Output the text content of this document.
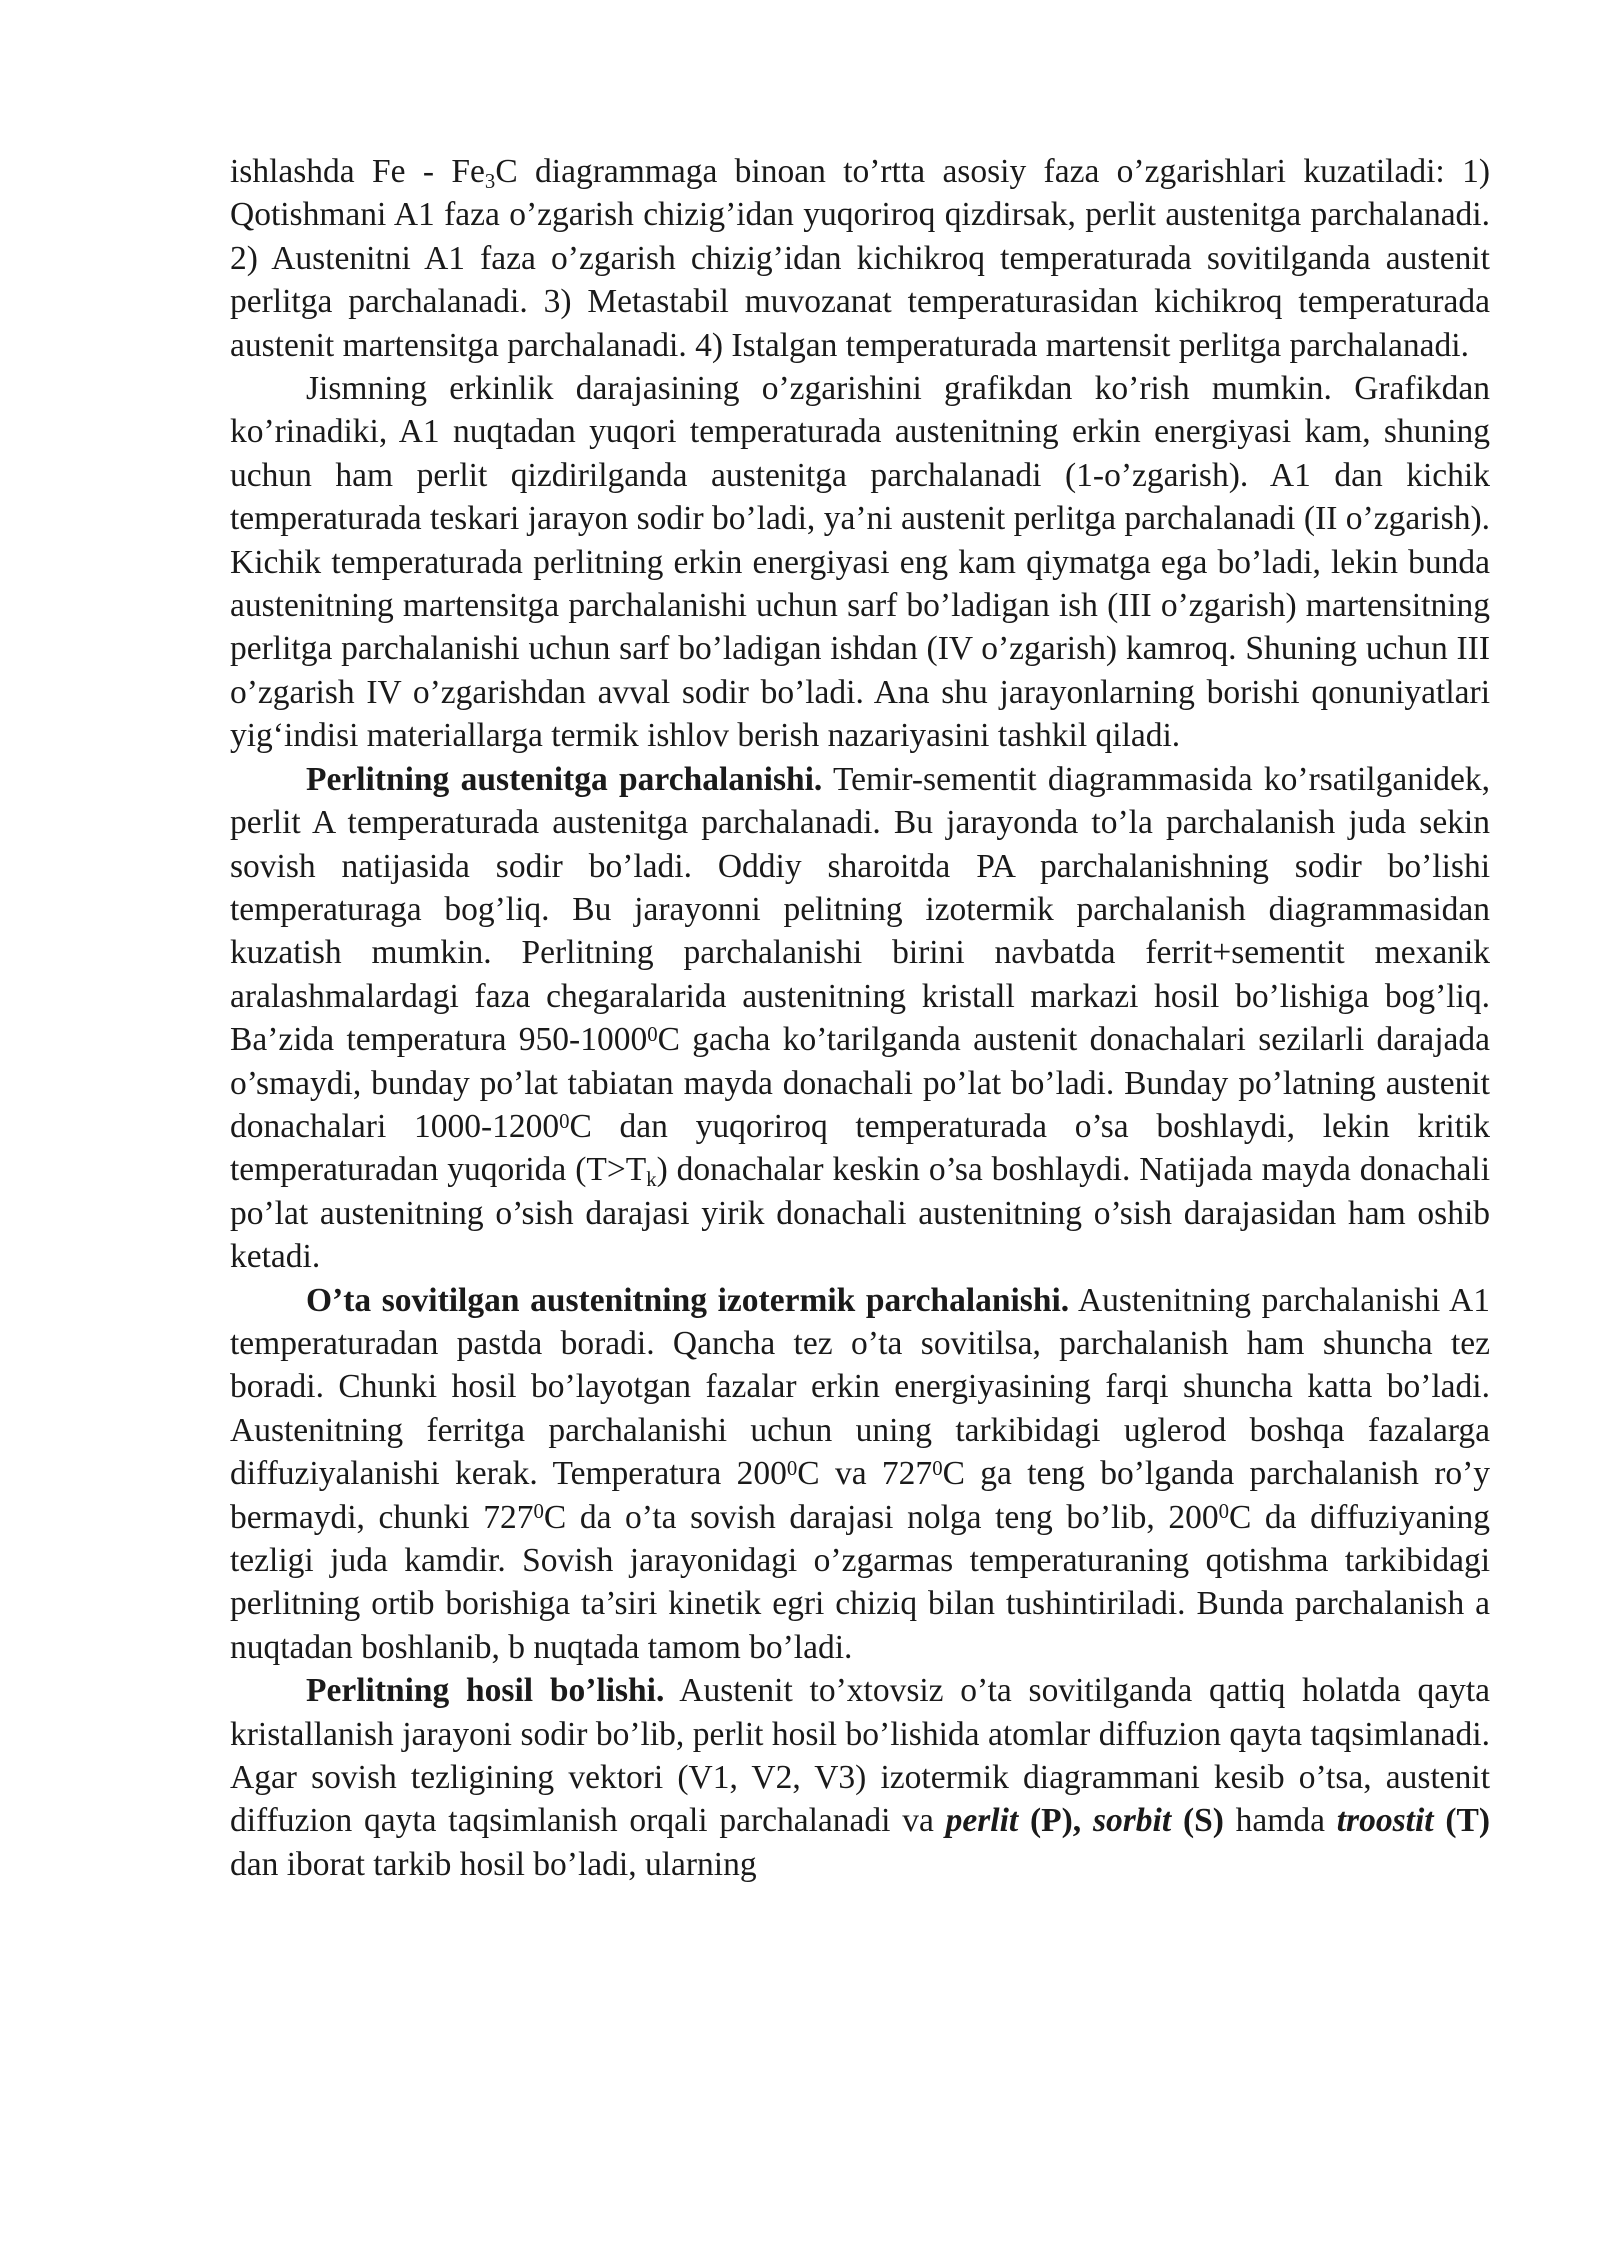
ishlashda Fe - $Fe_3C$ diagrammaga binoan to’rtta asosiy faza o’zgarishlari kuzatiladi: 1) Qotishmani A1 faza o’zgarish chizig’idan yuqoriroq qizdirsak, perlit austenitga parchalanadi. 2) Austenitni A1 faza o’zgarish chizig’idan kichikroq temperaturada sovitilganda austenit perlitga parchalanadi. 3) Metastabil muvozanat temperaturasidan kichikroq temperaturada austenit martensitga parchalanadi. 4) Istalgan temperaturada martensit perlitga parchalanadi.

Jismning erkinlik darajasining o’zgarishini grafikdan ko’rish mumkin. Grafikdan ko’rinadiki, A1 nuqtadan yuqori temperaturada austenitning erkin energiyasi kam, shuning uchun ham perlit qizdirilganda austenitga parchalanadi (1-o’zgarish). A1 dan kichik temperaturada teskari jarayon sodir bo’ladi, ya’ni austenit perlitga parchalanadi (II o’zgarish). Kichik temperaturada perlitning erkin energiyasi eng kam qiymatga ega bo’ladi, lekin bunda austenitning martensitga parchalanishi uchun sarf bo’ladigan ish (III o’zgarish) martensitning perlitga parchalanishi uchun sarf bo’ladigan ishdan (IV o’zgarish) kamroq. Shuning uchun III o’zgarish IV o’zgarishdan avval sodir bo’ladi. Ana shu jarayonlarning borishi qonuniyatlari yig‘indisi materiallarga termik ishlov berish nazariyasini tashkil qiladi.

Perlitning austenitga parchalanishi. Temir-sementit diagrammasida ko’rsatilganidek, perlit A temperaturada austenitga parchalanadi. Bu jarayonda to’la parchalanish juda sekin sovish natijasida sodir bo’ladi. Oddiy sharoitda PA parchalanishning sodir bo’lishi temperaturaga bog’liq. Bu jarayonni pelitning izotermik parchalanish diagrammasidan kuzatish mumkin. Perlitning parchalanishi birini navbatda ferrit+sementit mexanik aralashmalardagi faza chegaralarida austenitning kristall markazi hosil bo’lishiga bog’liq. Ba’zida temperatura 950-1000$^0$C gacha ko’tarilganda austenit donachalari sezilarli darajada o’smaydi, bunday po’lat tabiatan mayda donachali po’lat bo’ladi. Bunday po’latning austenit donachalari 1000-1200$^0$C dan yuqoriroq temperaturada o’sa boshlaydi, lekin kritik temperaturadan yuqorida $(T>T_k)$ donachalar keskin o’sa boshlaydi. Natijada mayda donachali po’lat austenitning o’sish darajasi yirik donachali austenitning o’sish darajasidan ham oshib ketadi.

O’ta sovitilgan austenitning izotermik parchalanishi. Austenitning parchalanishi A1 temperaturadan pastda boradi. Qancha tez o’ta sovitilsa, parchalanish ham shuncha tez boradi. Chunki hosil bo’layotgan fazalar erkin energiyasining farqi shuncha katta bo’ladi. Austenitning ferritga parchalanishi uchun uning tarkibidagi uglerod boshqa fazalarga diffuziyalanishi kerak. Temperatura $200^0C$ va $727^0C$ ga teng bo’lganda parchalanish ro’y bermaydi, chunki $727^0C$ da o’ta sovish darajasi nolga teng bo’lib, $200^0C$ da diffuziyaning tezligi juda kamdir. Sovish jarayonidagi o’zgarmas temperaturaning qotishma tarkibidagi perlitning ortib borishiga ta’siri kinetik egri chiziq bilan tushintiriladi. Bunda parchalanish a nuqtadan boshlanib, b nuqtada tamom bo’ladi.

Perlitning hosil bo’lishi. Austenit to’xtovsiz o’ta sovitilganda qattiq holatda qayta kristallanish jarayoni sodir bo’lib, perlit hosil bo’lishida atomlar diffuzion qayta taqsimlanadi. Agar sovish tezligining vektori (V1, V2, V3) izotermik diagrammani kesib o’tsa, austenit diffuzion qayta taqsimlanish orqali parchalanadi va perlit (P), sorbit (S) hamda troostit (T) dan iborat tarkib hosil bo’ladi, ularning
